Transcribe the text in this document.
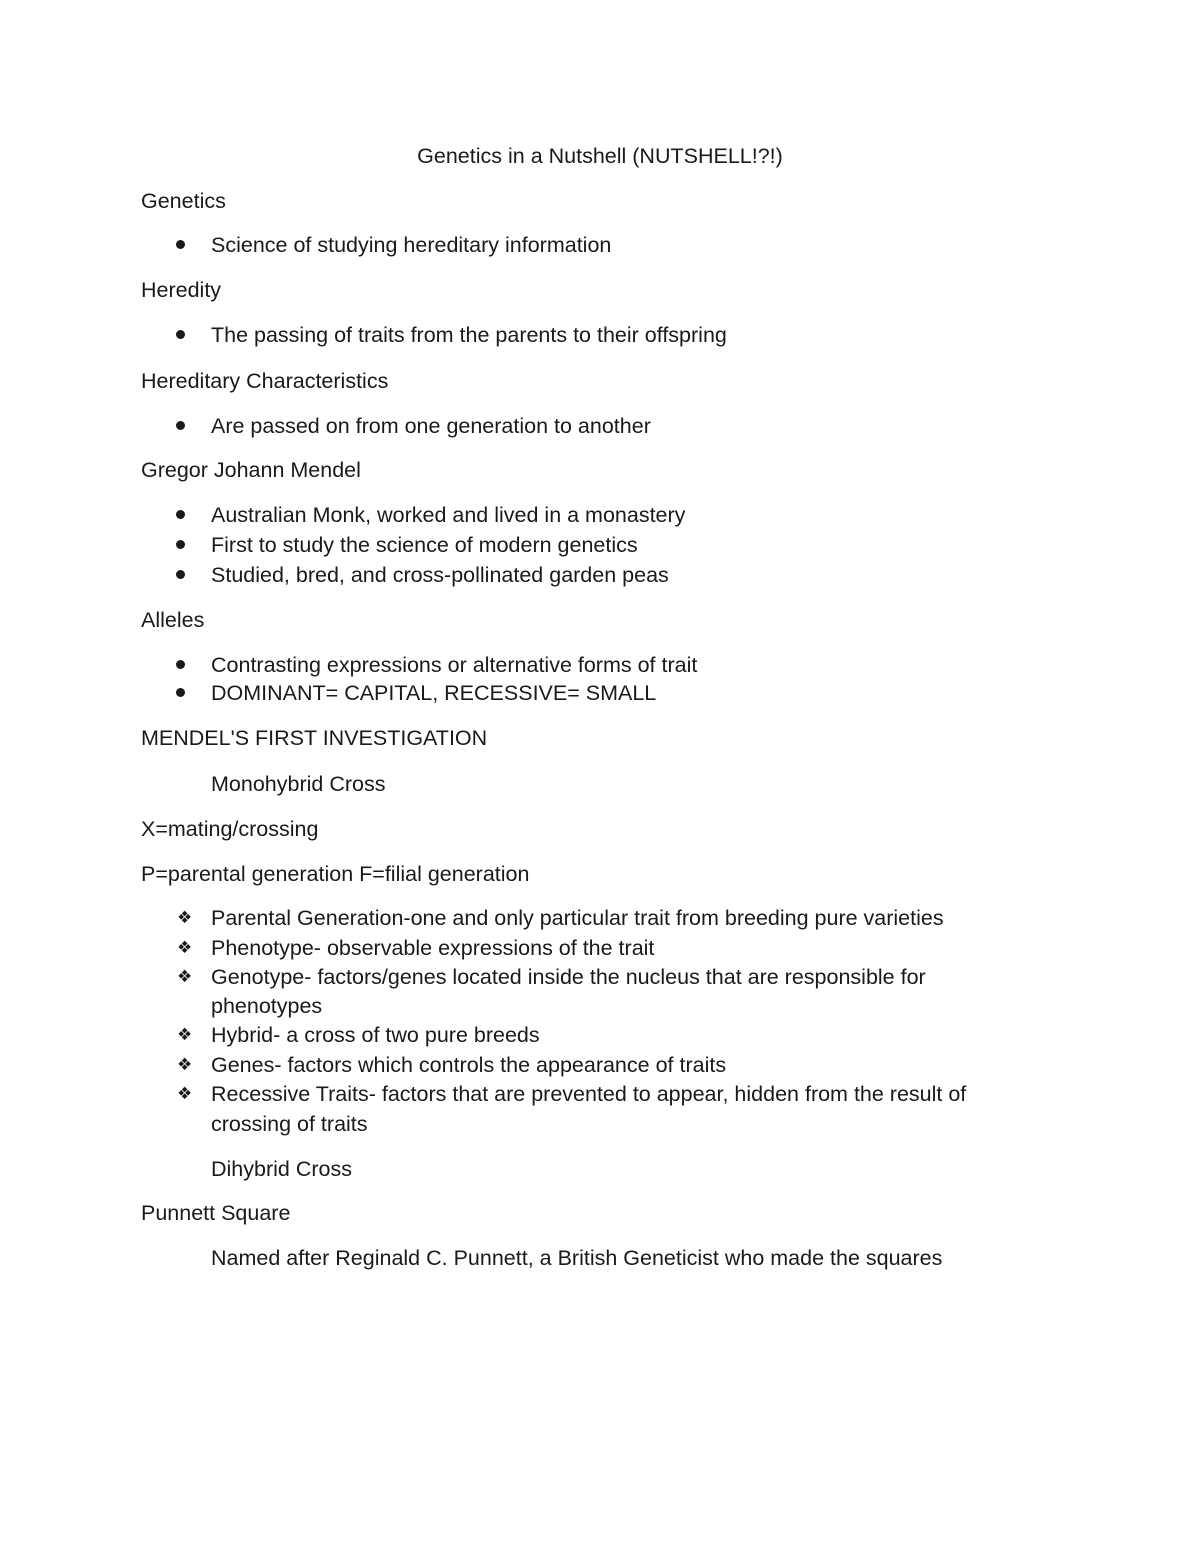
Genetics in a Nutshell (NUTSHELL!?!)
Genetics
Science of studying hereditary information
Heredity
The passing of traits from the parents to their offspring
Hereditary Characteristics
Are passed on from one generation to another
Gregor Johann Mendel
Australian Monk, worked and lived in a monastery
First to study the science of modern genetics
Studied, bred, and cross-pollinated garden peas
Alleles
Contrasting expressions or alternative forms of trait
DOMINANT= CAPITAL, RECESSIVE= SMALL
MENDEL'S FIRST INVESTIGATION
Monohybrid Cross
X=mating/crossing
P=parental generation F=filial generation
❖ Parental Generation-one and only particular trait from breeding pure varieties
❖ Phenotype- observable expressions of the trait
❖ Genotype- factors/genes located inside the nucleus that are responsible for
phenotypes
❖ Hybrid- a cross of two pure breeds
❖ Genes- factors which controls the appearance of traits
❖ Recessive Traits- factors that are prevented to appear, hidden from the result of
crossing of traits
Dihybrid Cross
Punnett Square
Named after Reginald C. Punnett, a British Geneticist who made the squares
